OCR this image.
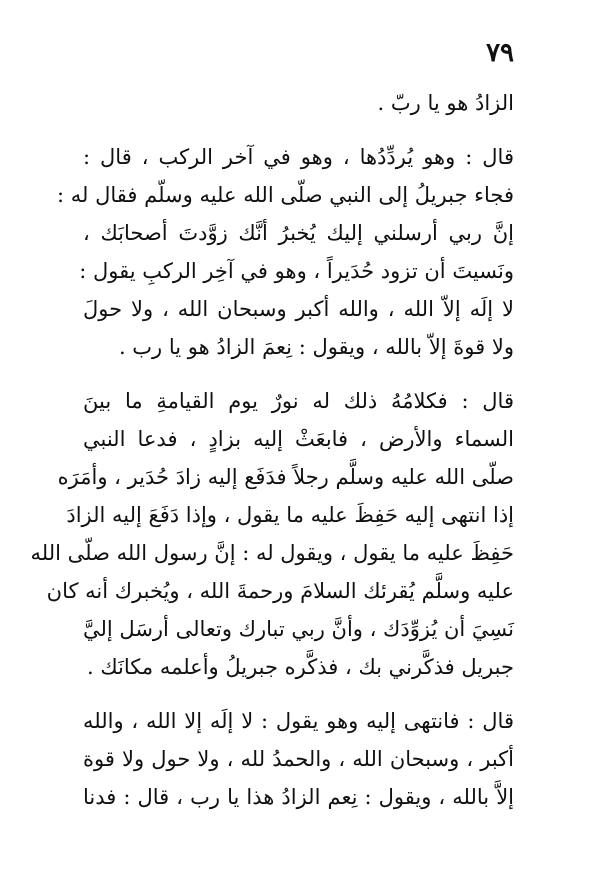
٧٩
الزادُ هو يا ربّ .
قال : وهو يُردِّدُها ، وهو في آخر الركب ، قال :
فجاء جبريلُ إلى النبي صلّى الله عليه وسلّم فقال له :
إنَّ ربي أرسلني إليك يُخبرُ أنَّك زوَّدتَ أصحابَك ،
ونَسيتَ أن تزود حُدَيراً ، وهو في آخِر الركبِ يقول :
لا إلَه إلاّ الله ، والله أكبر وسبحان الله ، ولا حولَ
ولا قوةَ إلاّ بالله ، ويقول : نِعمَ الزادُ هو يا رب .
قال : فكلامُهُ ذلك له نورٌ يوم القيامةِ ما بينَ
السماء والأرض ، فابعَثْ إليه بزادٍ ، فدعا النبي
صلّى الله عليه وسلَّم رجلاً فدَفَع إليه زادَ حُدَير ، وأمَرَه
إذا انتهى إليه حَفِظَ عليه ما يقول ، وإذا دَفَعَ إليه الزادَ
حَفِظَ عليه ما يقول ، ويقول له : إنَّ رسول الله صلّى الله
عليه وسلَّم يُقرئك السلامَ ورحمةَ الله ، ويُخبرك أنه كان
نَسِيَ أن يُزوِّدَك ، وأنَّ ربي تبارك وتعالى أرسَل إليَّ
جبريل فذكَّرني بك ، فذكَّره جبريلُ وأعلمه مكانَك .
قال : فانتهى إليه وهو يقول : لا إلَه إلا الله ، والله
أكبر ، وسبحان الله ، والحمدُ لله ، ولا حول ولا قوة
إلاَّ بالله ، ويقول : نِعم الزادُ هذا يا رب ، قال : فدنا
